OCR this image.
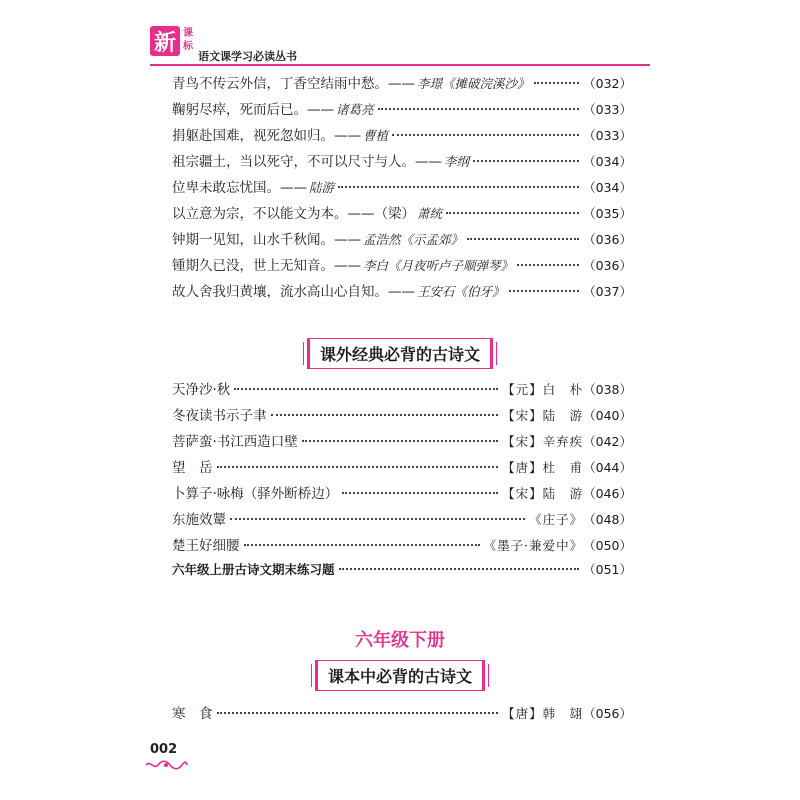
新 课标
语文课学习必读丛书
青鸟不传云外信，丁香空结雨中愁。—— 李璟《摊破浣溪沙》	（032）
鞠躬尽瘁，死而后已。—— 诸葛亮	（033）
捐躯赴国难，视死忽如归。—— 曹植	（033）
祖宗疆土，当以死守，不可以尺寸与人。—— 李纲	（034）
位卑未敢忘忧国。—— 陆游	（034）
以立意为宗，不以能文为本。——（梁） 萧统	（035）
钟期一见知，山水千秋闻。—— 孟浩然《示孟郊》	（036）
锺期久已没，世上无知音。—— 李白《月夜听卢子顺弹琴》	（036）
故人舍我归黄壤，流水高山心自知。—— 王安石《伯牙》	（037）
课外经典必背的古诗文
天净沙·秋	【元】白　朴 （038）
冬夜读书示子聿	【宋】陆　游 （040）
菩萨蛮·书江西造口壁	【宋】辛弃疾 （042）
望　岳	【唐】杜　甫 （044）
卜算子·咏梅（驿外断桥边）	【宋】陆　游 （046）
东施效颦	《庄子》 （048）
楚王好细腰	《墨子·兼爱中》 （050）
六年级上册古诗文期末练习题	（051）
六年级下册
课本中必背的古诗文
寒　食	【唐】韩　翃 （056）
002
